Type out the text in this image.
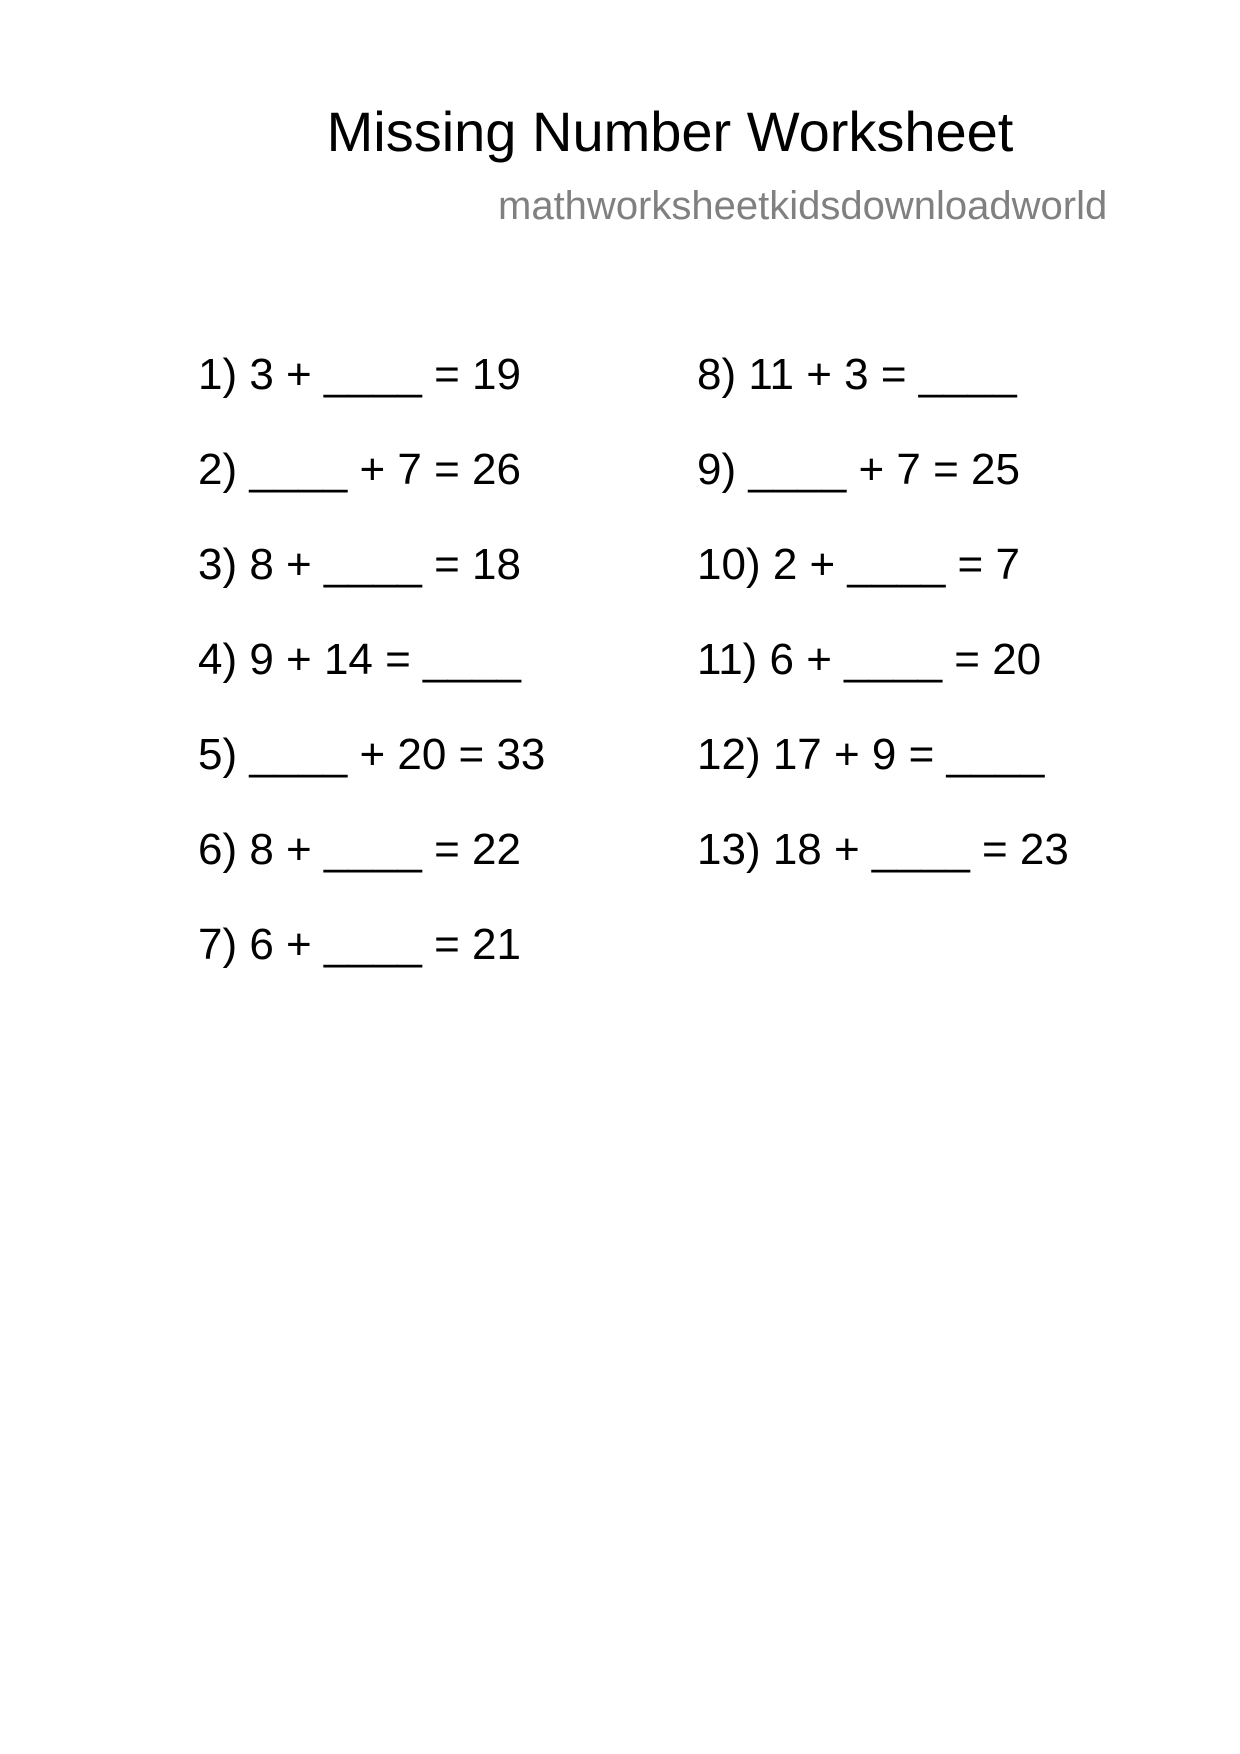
Missing Number Worksheet
mathworksheetkidsdownloadworld
1) 3 + ____ = 19
2) ____ + 7 = 26
3) 8 + ____ = 18
4) 9 + 14 = ____
5) ____ + 20 = 33
6) 8 + ____ = 22
7) 6 + ____ = 21
8) 11 + 3 = ____
9) ____ + 7 = 25
10) 2 + ____ = 7
11) 6 + ____ = 20
12) 17 + 9 = ____
13) 18 + ____ = 23
